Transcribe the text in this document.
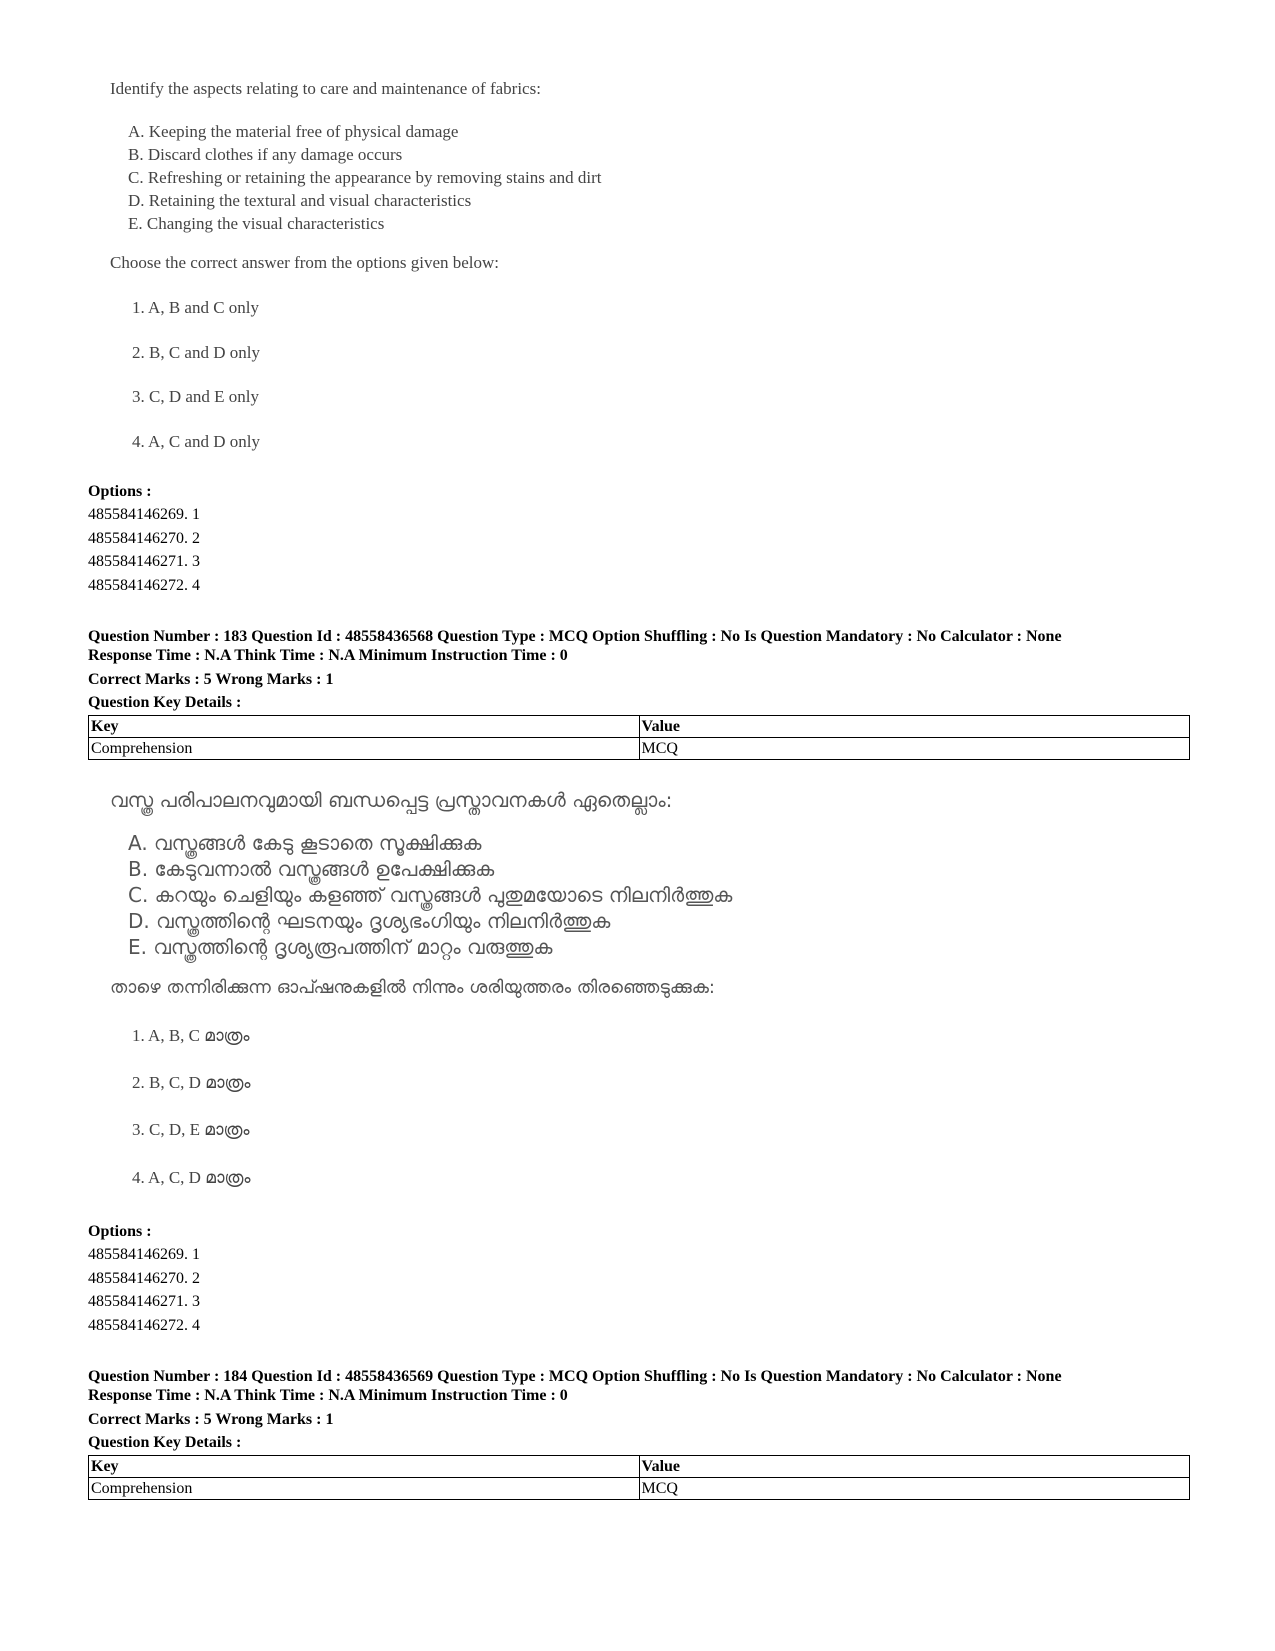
Identify the aspects relating to care and maintenance of fabrics:
A. Keeping the material free of physical damage
B. Discard clothes if any damage occurs
C. Refreshing or retaining the appearance by removing stains and dirt
D. Retaining the textural and visual characteristics
E. Changing the visual characteristics
Choose the correct answer from the options given below:
1. A, B and C only
2. B, C and D only
3. C, D and E only
4. A, C and D only
Options :
485584146269. 1
485584146270. 2
485584146271. 3
485584146272. 4
Question Number : 183 Question Id : 48558436568 Question Type : MCQ Option Shuffling : No Is Question Mandatory : No Calculator : None
Response Time : N.A Think Time : N.A Minimum Instruction Time : 0
Correct Marks : 5 Wrong Marks : 1
Question Key Details :
Key	Value
Comprehension	MCQ
വസ്ത്ര പരിപാലനവുമായി ബന്ധപ്പെട്ട പ്രസ്താവനകൾ ഏതെല്ലാം:
A. വസ്ത്രങ്ങൾ കേടു കൂടാതെ സൂക്ഷിക്കുക
B. കേടുവന്നാൽ വസ്ത്രങ്ങൾ ഉപേക്ഷിക്കുക
C. കറയും ചെളിയും കളഞ്ഞ് വസ്ത്രങ്ങൾ പുതുമയോടെ നിലനിർത്തുക
D. വസ്ത്രത്തിന്റെ ഘടനയും ദൃശ്യഭംഗിയും നിലനിർത്തുക
E. വസ്ത്രത്തിന്റെ ദൃശ്യരൂപത്തിന് മാറ്റം വരുത്തുക
താഴെ തന്നിരിക്കുന്ന ഓപ്ഷനുകളിൽ നിന്നും ശരിയുത്തരം തിരഞ്ഞെടുക്കുക:
1. A, B, C മാത്രം
2. B, C, D മാത്രം
3. C, D, E മാത്രം
4. A, C, D മാത്രം
Options :
485584146269. 1
485584146270. 2
485584146271. 3
485584146272. 4
Question Number : 184 Question Id : 48558436569 Question Type : MCQ Option Shuffling : No Is Question Mandatory : No Calculator : None
Response Time : N.A Think Time : N.A Minimum Instruction Time : 0
Correct Marks : 5 Wrong Marks : 1
Question Key Details :
Key	Value
Comprehension	MCQ
